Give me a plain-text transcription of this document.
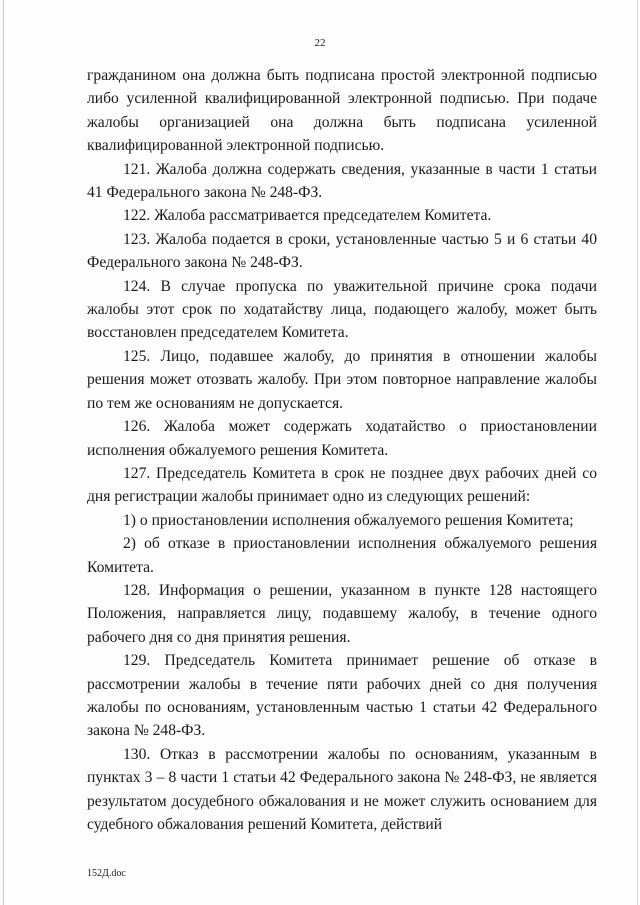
22

гражданином она должна быть подписана простой электронной подписью либо усиленной квалифицированной электронной подписью. При подаче жалобы организацией она должна быть подписана усиленной квалифицированной электронной подписью.

121. Жалоба должна содержать сведения, указанные в части 1 статьи 41 Федерального закона № 248-ФЗ.

122. Жалоба рассматривается председателем Комитета.

123. Жалоба подается в сроки, установленные частью 5 и 6 статьи 40 Федерального закона № 248-ФЗ.

124. В случае пропуска по уважительной причине срока подачи жалобы этот срок по ходатайству лица, подающего жалобу, может быть восстановлен председателем Комитета.

125. Лицо, подавшее жалобу, до принятия в отношении жалобы решения может отозвать жалобу. При этом повторное направление жалобы по тем же основаниям не допускается.

126. Жалоба может содержать ходатайство о приостановлении исполнения обжалуемого решения Комитета.

127. Председатель Комитета в срок не позднее двух рабочих дней со дня регистрации жалобы принимает одно из следующих решений:

1) о приостановлении исполнения обжалуемого решения Комитета;

2) об отказе в приостановлении исполнения обжалуемого решения Комитета.

128. Информация о решении, указанном в пункте 128 настоящего Положения, направляется лицу, подавшему жалобу, в течение одного рабочего дня со дня принятия решения.

129. Председатель Комитета принимает решение об отказе в рассмотрении жалобы в течение пяти рабочих дней со дня получения жалобы по основаниям, установленным частью 1 статьи 42 Федерального закона № 248-ФЗ.

130. Отказ в рассмотрении жалобы по основаниям, указанным в пунктах 3 – 8 части 1 статьи 42 Федерального закона № 248-ФЗ, не является результатом досудебного обжалования и не может служить основанием для судебного обжалования решений Комитета, действий

152Д.doc
